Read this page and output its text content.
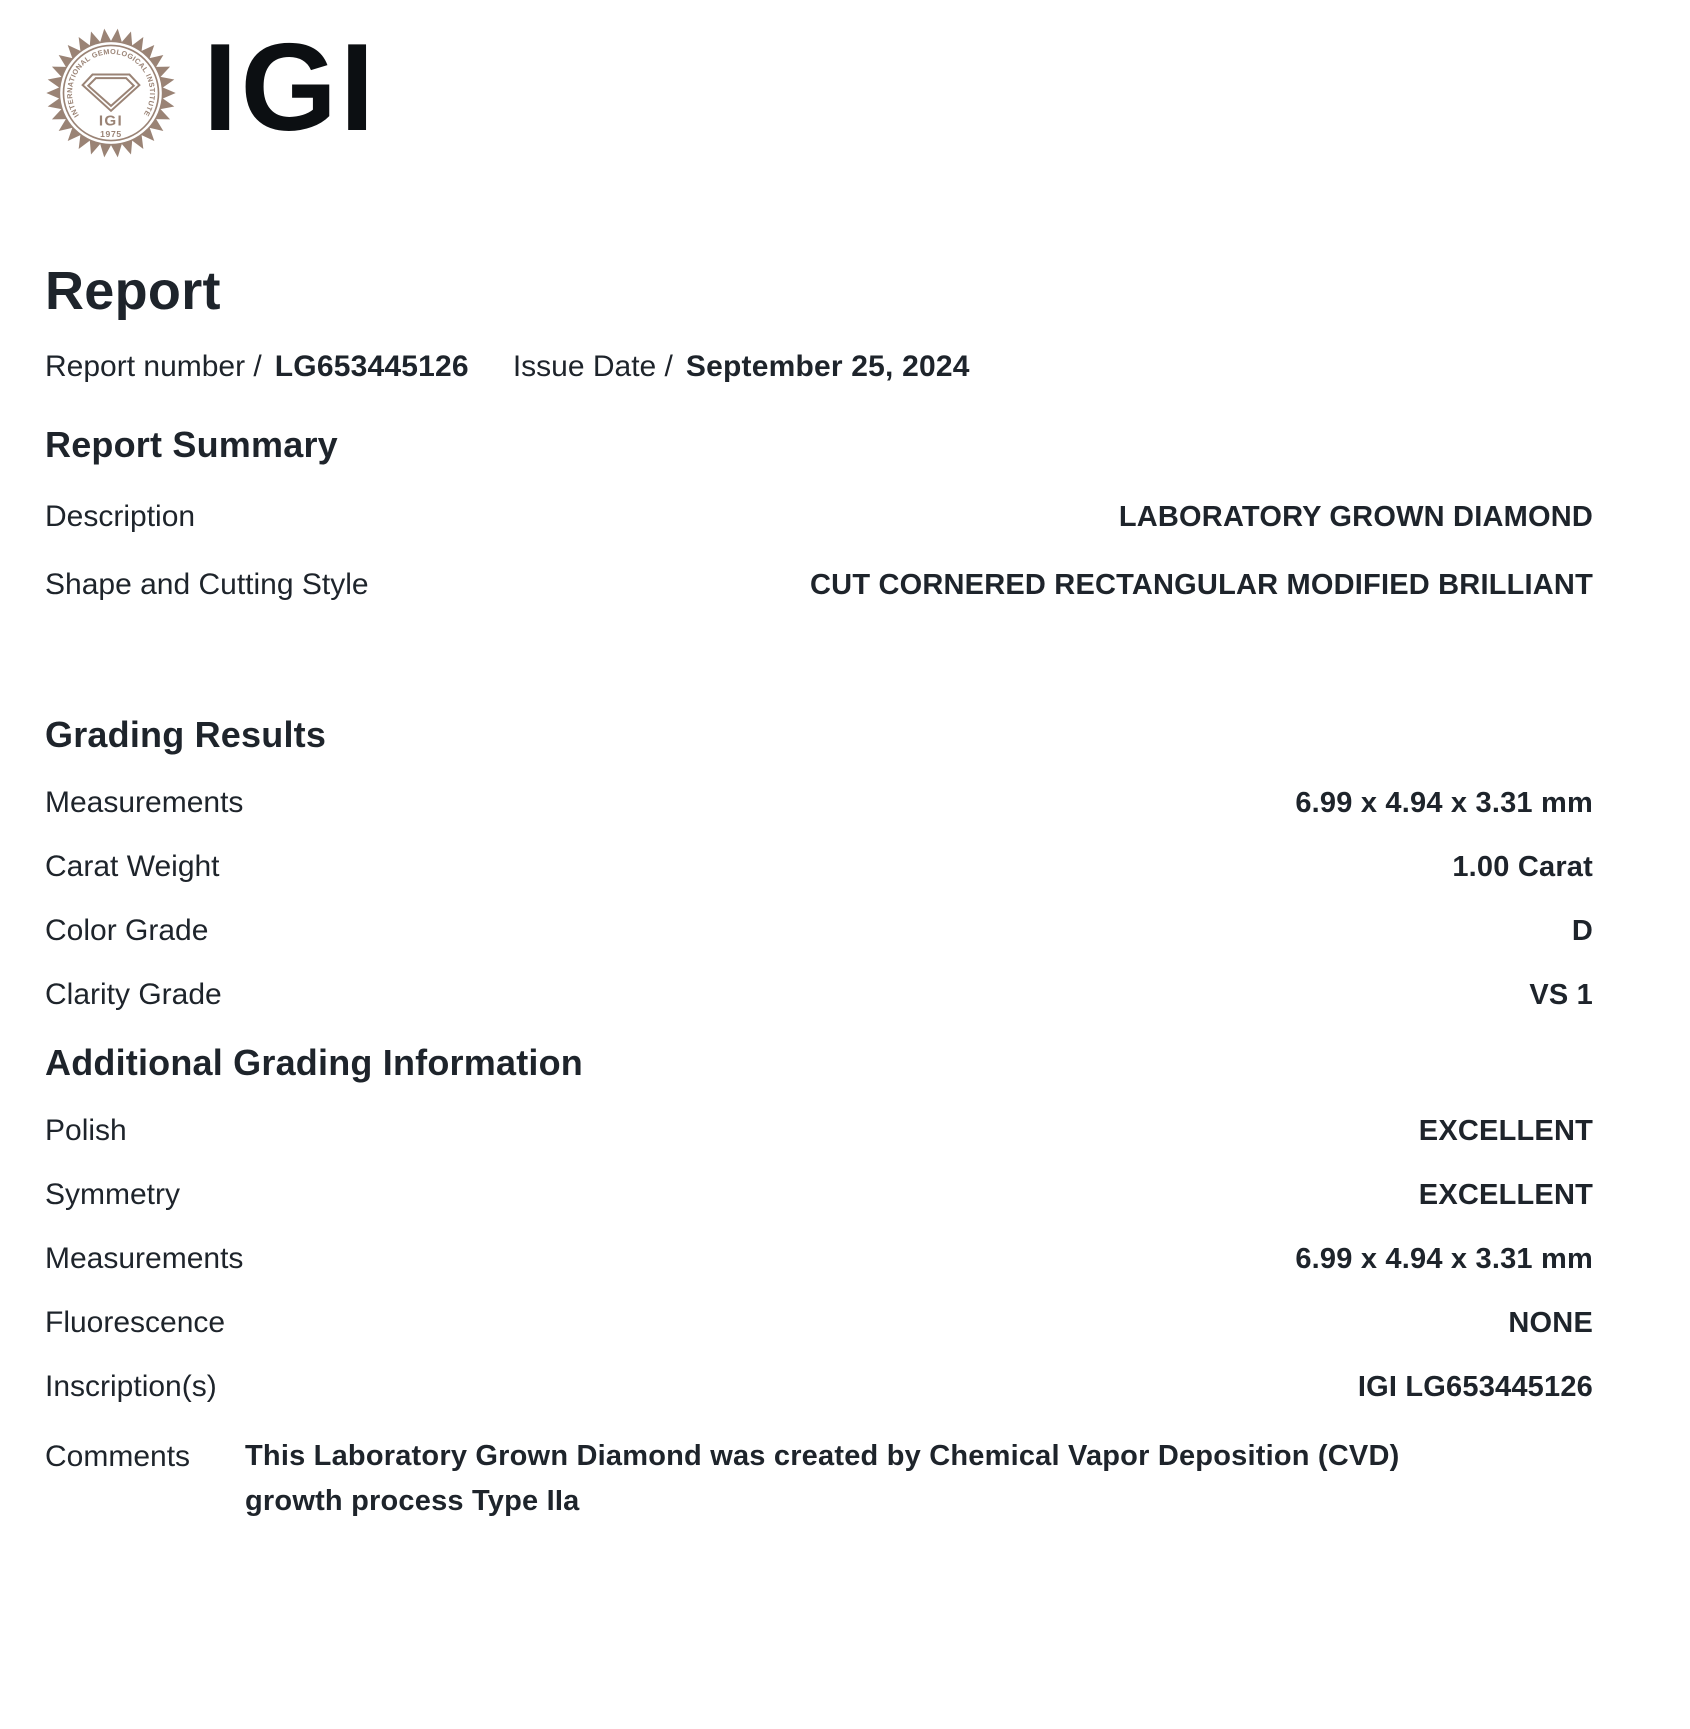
INTERNATIONAL GEMOLOGICAL INSTITUTE
IGI
1975 IGI
Report
Report number / LG653445126 Issue Date / September 25, 2024
Report Summary
Description	LABORATORY GROWN DIAMOND
Shape and Cutting Style	CUT CORNERED RECTANGULAR MODIFIED BRILLIANT
Grading Results
Measurements	6.99 x 4.94 x 3.31 mm
Carat Weight	1.00 Carat
Color Grade	D
Clarity Grade	VS 1
Additional Grading Information
Polish	EXCELLENT
Symmetry	EXCELLENT
Measurements	6.99 x 4.94 x 3.31 mm
Fluorescence	NONE
Inscription(s)	IGI LG653445126
Comments	This Laboratory Grown Diamond was created by Chemical Vapor Deposition (CVD) growth process Type IIa
